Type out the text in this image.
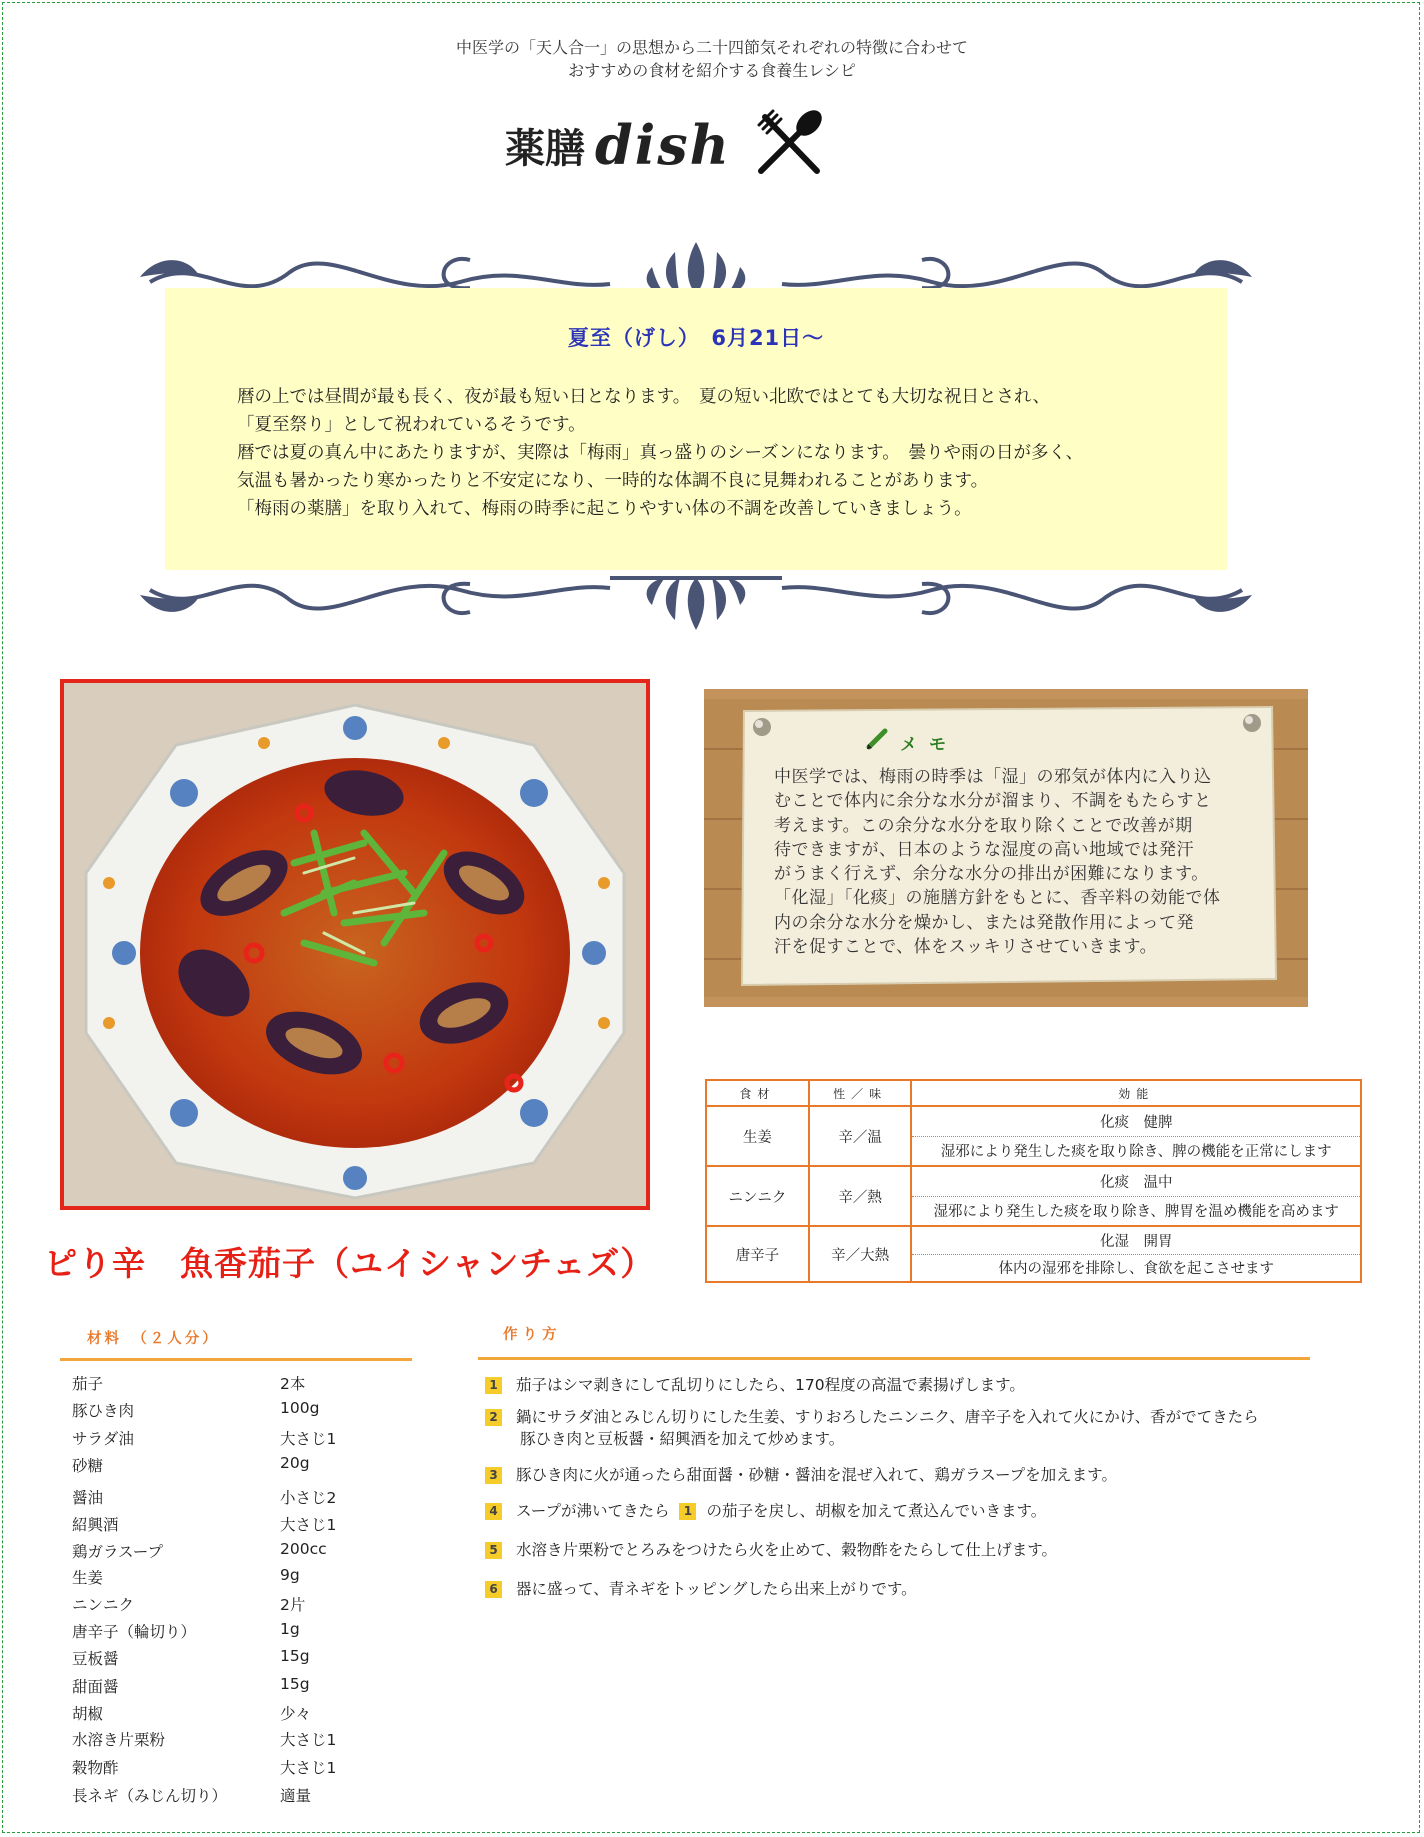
中医学の「天人合一」の思想から二十四節気それぞれの特徴に合わせて
おすすめの食材を紹介する食養生レシピ
薬膳 dish
夏至（げし）　6月21日～

暦の上では昼間が最も長く、夜が最も短い日となります。　夏の短い北欧ではとても大切な祝日とされ、

「夏至祭り」として祝われているそうです。

暦では夏の真ん中にあたりますが、実際は「梅雨」真っ盛りのシーズンになります。　曇りや雨の日が多く、

気温も暑かったり寒かったりと不安定になり、一時的な体調不良に見舞われることがあります。

「梅雨の薬膳」を取り入れて、梅雨の時季に起こりやすい体の不調を改善していきましょう。

ピり辛　魚香茄子（ユイシャンチェズ）
メモ

中医学では、梅雨の時季は「湿」の邪気が体内に入り込

むことで体内に余分な水分が溜まり、不調をもたらすと

考えます。この余分な水分を取り除くことで改善が期

待できますが、日本のような湿度の高い地域では発汗

がうまく行えず、余分な水分の排出が困難になります。

「化湿」「化痰」の施膳方針をもとに、香辛料の効能で体

内の余分な水分を燥かし、または発散作用によって発

汗を促すことで、体をスッキリさせていきます。

食材	性／味	効能
生姜	辛／温	化痰　健脾
		湿邪により発生した痰を取り除き、脾の機能を正常にします
ニンニク	辛／熱	化痰　温中
		湿邪により発生した痰を取り除き、脾胃を温め機能を高めます
唐辛子	辛／大熱	化湿　開胃
		体内の湿邪を排除し、食欲を起こさせます
材料　（２人分）
茄子	2本
豚ひき肉	100g
サラダ油	大さじ1
砂糖	20g
醤油	小さじ2
紹興酒	大さじ1
鶏ガラスープ	200cc
生姜	9g
ニンニク	2片
唐辛子（輪切り）	1g
豆板醤	15g
甜面醤	15g
胡椒	少々
水溶き片栗粉	大さじ1
穀物酢	大さじ1
長ネギ（みじん切り）	適量
作り方
1 茄子はシマ剥きにして乱切りにしたら、170程度の高温で素揚げします。
2 鍋にサラダ油とみじん切りにした生姜、すりおろしたニンニク、唐辛子を入れて火にかけ、香がでてきたら
豚ひき肉と豆板醤・紹興酒を加えて炒めます。
3 豚ひき肉に火が通ったら甜面醤・砂糖・醤油を混ぜ入れて、鶏ガラスープを加えます。
4 スープが沸いてきたら 1 の茄子を戻し、胡椒を加えて煮込んでいきます。
5 水溶き片栗粉でとろみをつけたら火を止めて、穀物酢をたらして仕上げます。
6 器に盛って、青ネギをトッピングしたら出来上がりです。
